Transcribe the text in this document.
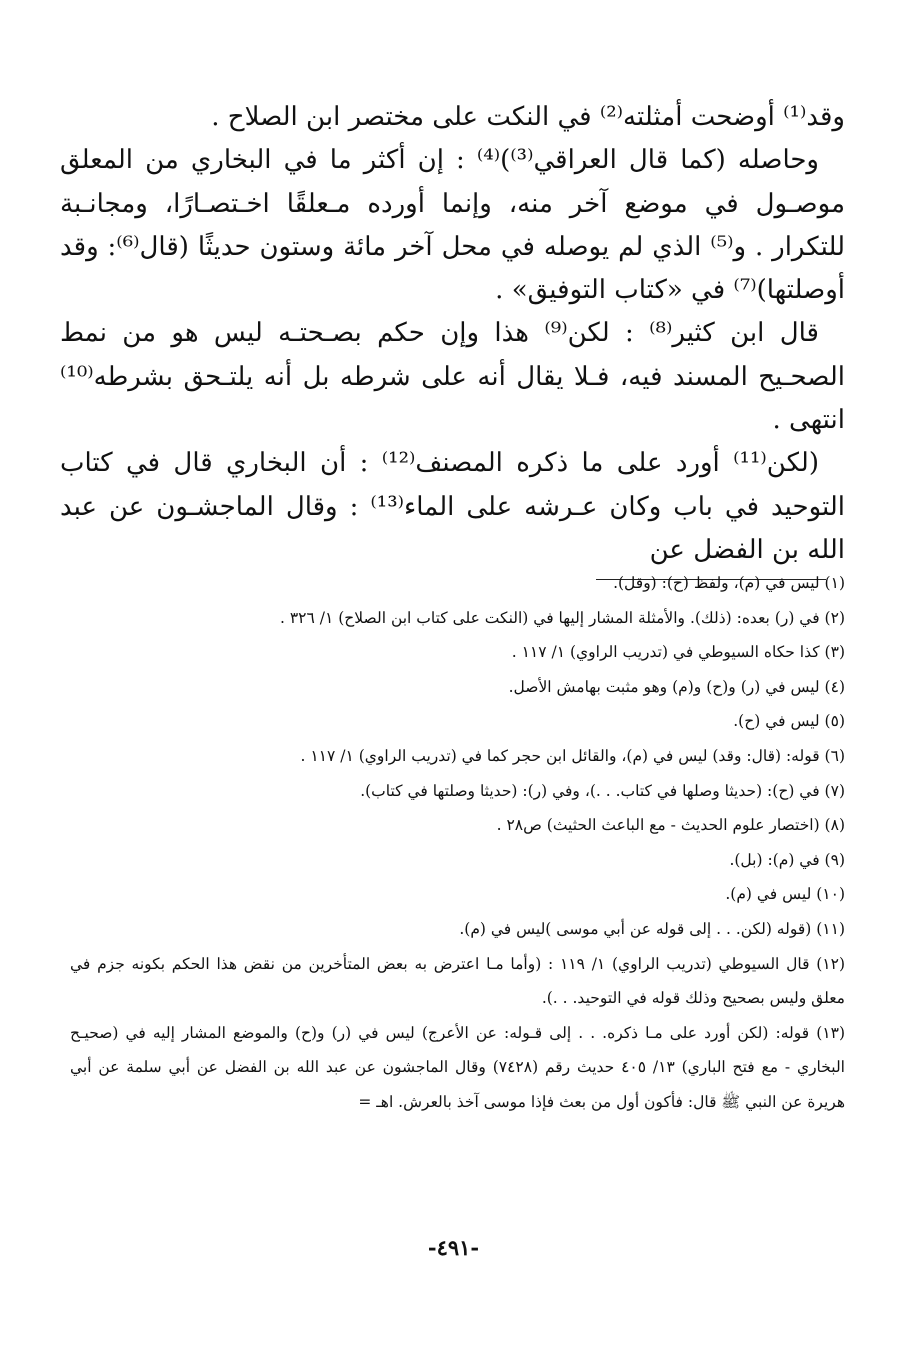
وقد⁽¹⁾ أوضحت أمثلته⁽²⁾ في النكت على مختصر ابن الصلاح .

وحاصله (كما قال العراقي⁽³⁾)⁽⁴⁾ : إن أكثر ما في البخاري من المعلق موصـول في موضع آخر منه، وإنما أورده مـعلقًا اخـتصـارًا، ومجانـبة للتكرار . و⁽⁵⁾ الذي لم يوصله في محل آخر مائة وستون حديثًا (قال⁽⁶⁾: وقد أوصلتها)⁽⁷⁾ في «كتاب التوفيق» .

قال ابن كثير⁽⁸⁾ : لكن⁽⁹⁾ هذا وإن حكم بصـحتـه ليس هو من نمط الصحـيح المسند فيه، فـلا يقال أنه على شرطه بل أنه يلتـحق بشرطه⁽¹⁰⁾ انتهى .

(لكن⁽¹¹⁾ أورد على ما ذكره المصنف⁽¹²⁾ : أن البخاري قال في كتاب التوحيد في باب وكان عـرشه على الماء⁽¹³⁾ : وقال الماجشـون عن عبد الله بن الفضل عن

(١) ليس في (م)، ولفظ (ح): (وقل).

(٢) في (ر) بعده: (ذلك). والأمثلة المشار إليها في (النكت على كتاب ابن الصلاح) ١/ ٣٢٦ .

(٣) كذا حكاه السيوطي في (تدريب الراوي) ١/ ١١٧ .

(٤) ليس في (ر) و(ح) و(م) وهو مثبت بهامش الأصل.

(٥) ليس في (ح).

(٦) قوله: (قال: وقد) ليس في (م)، والقائل ابن حجر كما في (تدريب الراوي) ١/ ١١٧ .

(٧) في (ح): (حديثا وصلها في كتاب. . .)، وفي (ر): (حديثا وصلتها في كتاب).

(٨) (اختصار علوم الحديث - مع الباعث الحثيث) ص٢٨ .

(٩) في (م): (بل).

(١٠) ليس في (م).

(١١) (قوله (لكن. . . إلى قوله عن أبي موسى )ليس في (م).

(١٢) قال السيوطي (تدريب الراوي) ١/ ١١٩ : (وأما مـا اعترض به بعض المتأخرين من نقض هذا الحكم بكونه جزم في معلق وليس بصحيح وذلك قوله في التوحيد. . .).

(١٣) قوله: (لكن أورد على مـا ذكره. . . إلى قـوله: عن الأعرج) ليس في (ر) و(ح) والموضع المشار إليه في (صحيـح البخاري - مع فتح الباري) ١٣/ ٤٠٥ حديث رقم (٧٤٢٨) وقال الماجشون عن عبد الله بن الفضل عن أبي سلمة عن أبي هريرة عن النبي ﷺ قال: فأكون أول من بعث فإذا موسى آخذ بالعرش. اهـ =

-٤٩١-
